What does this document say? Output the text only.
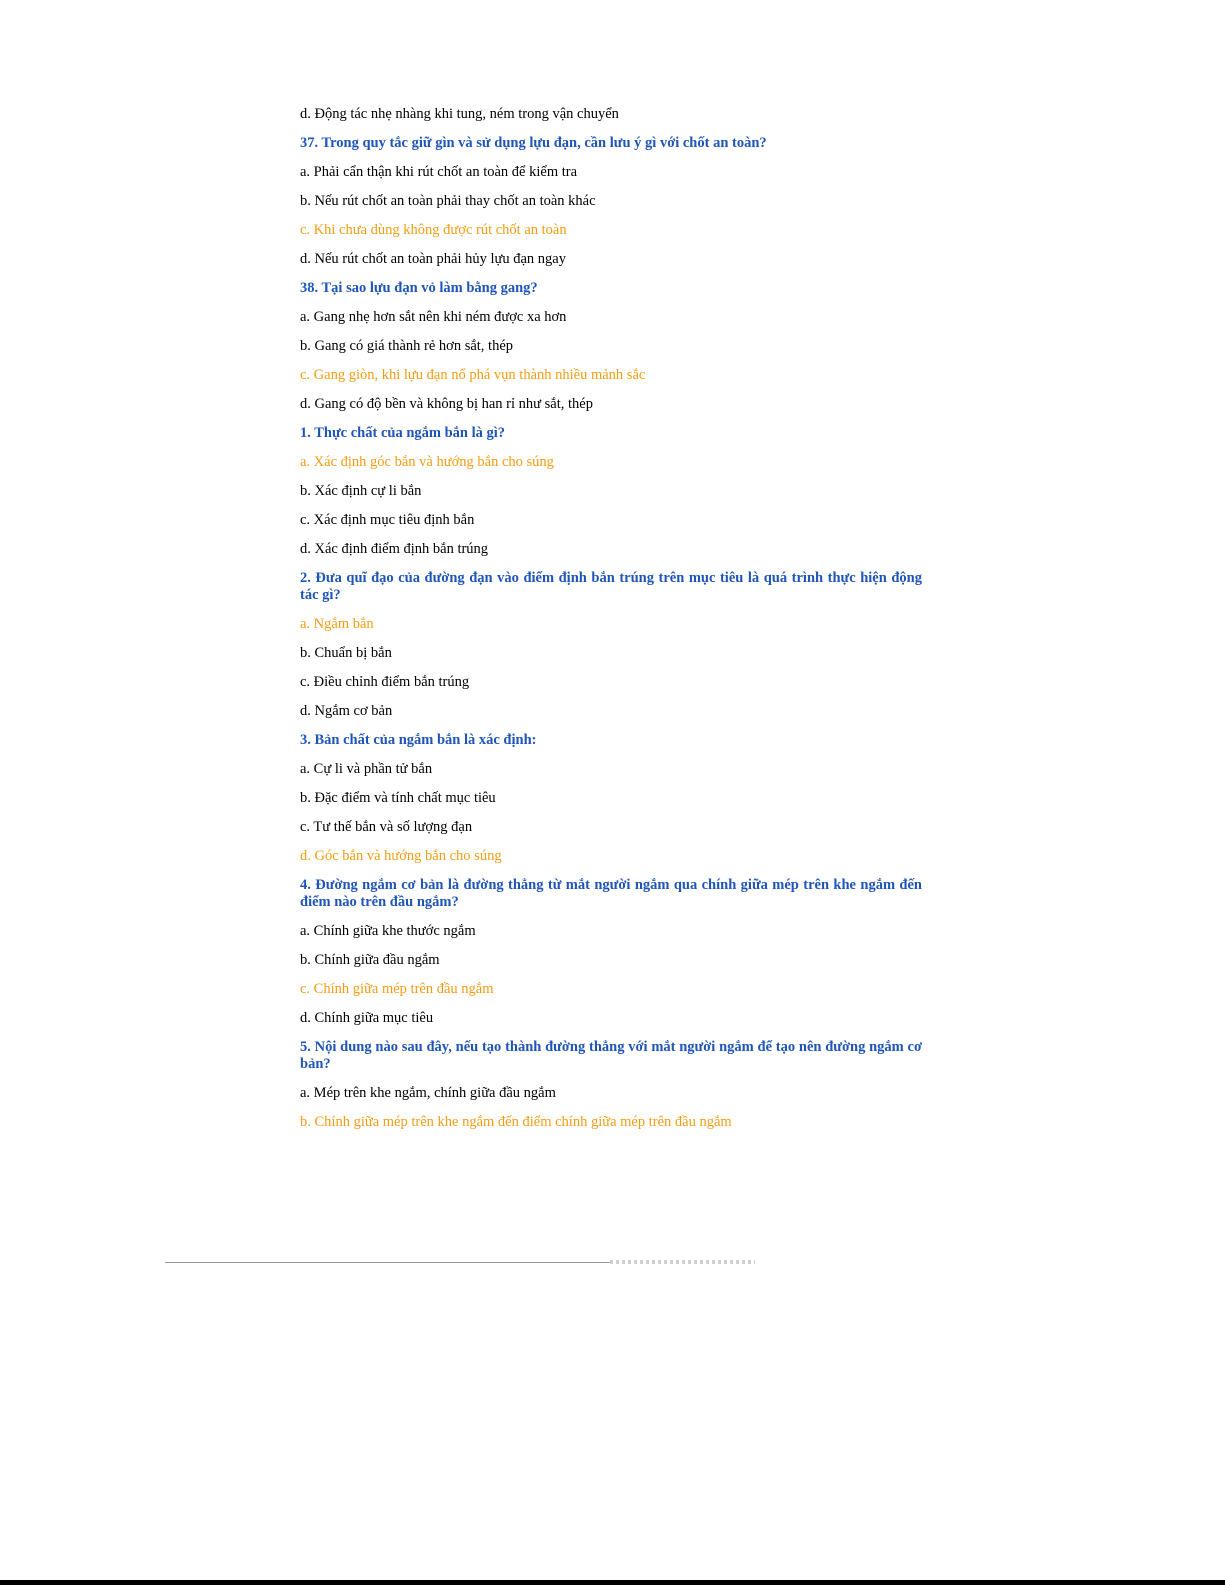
d. Động tác nhẹ nhàng khi tung, ném trong vận chuyển
37. Trong quy tắc giữ gìn và sử dụng lựu đạn, cần lưu ý gì với chốt an toàn?
a. Phải cẩn thận khi rút chốt an toàn để kiểm tra
b. Nếu rút chốt an toàn phải thay chốt an toàn khác
c. Khi chưa dùng không được rút chốt an toàn
d. Nếu rút chốt an toàn phải hủy lựu đạn ngay
38. Tại sao lựu đạn vỏ làm bằng gang?
a. Gang nhẹ hơn sắt nên khi ném được xa hơn
b. Gang có giá thành rẻ hơn sắt, thép
c. Gang giòn, khi lựu đạn nổ phá vụn thành nhiều mảnh sắc
d. Gang có độ bền và không bị han rỉ như sắt, thép
1. Thực chất của ngắm bắn là gì?
a. Xác định góc bắn và hướng bắn cho súng
b. Xác định cự li bắn
c. Xác định mục tiêu định bắn
d. Xác định điểm định bắn trúng
2. Đưa quĩ đạo của đường đạn vào điểm định bắn trúng trên mục tiêu là quá trình thực hiện động tác gì?
a. Ngắm bắn
b. Chuẩn bị bắn
c. Điều chỉnh điểm bắn trúng
d. Ngắm cơ bản
3. Bản chất của ngắm bắn là xác định:
a. Cự li và phần tử bắn
b. Đặc điểm và tính chất mục tiêu
c. Tư thế bắn và số lượng đạn
d. Góc bắn và hướng bắn cho súng
4. Đường ngắm cơ bản là đường thẳng từ mắt người ngắm qua chính giữa mép trên khe ngắm đến điểm nào trên đầu ngắm?
a. Chính giữa khe thước ngắm
b. Chính giữa đầu ngắm
c. Chính giữa mép trên đầu ngắm
d. Chính giữa mục tiêu
5. Nội dung nào sau đây, nếu tạo thành đường thẳng với mắt người ngắm để tạo nên đường ngắm cơ bản?
a. Mép trên khe ngắm, chính giữa đầu ngắm
b. Chính giữa mép trên khe ngắm đến điểm chính giữa mép trên đầu ngắm
